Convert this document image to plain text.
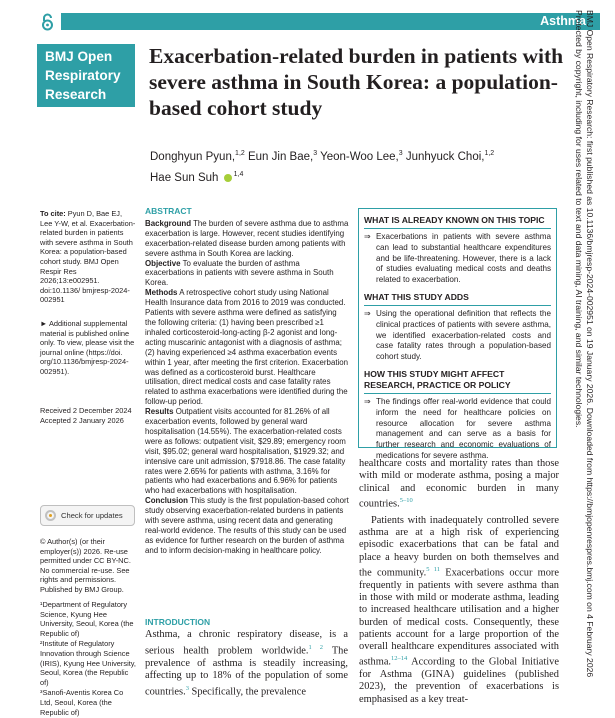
Asthma
BMJ Open
Respiratory
Research
Exacerbation-related burden in patients with severe asthma in South Korea: a population-based cohort study
Donghyun Pyun,$^{1,2}$ Eun Jin Bae,$^3$ Yeon-Woo Lee,$^3$ Junhyuck Choi,$^{1,2}$
Hae Sun Suh $^{1,4}$	BMJ Open Respiratory Research: first published as 10.1136/bmjresp-2024-002951 on 19 January 2026. Downloaded from https://bmjopenrespres.bmj.com on 4 February 2026
Protected by copyright, including for uses related to text and data mining, AI training, and similar technologies.
To cite: Pyun D, Bae EJ, Lee Y-W, et al. Exacerbation-related burden in patients with severe asthma in South Korea: a population-based cohort study. BMJ Open Respir Res 2026;13:e002951. doi:10.1136/ bmjresp-2024-002951
► Additional supplemental material is published online only. To view, please visit the journal online (https://doi. org/10.1136/bmjresp-2024- 002951).
Received 2 December 2024
Accepted 2 January 2026
Check for updates
© Author(s) (or their employer(s)) 2026. Re-use permitted under CC BY-NC. No commercial re-use. See rights and permissions. Published by BMJ Group.
¹Department of Regulatory Science, Kyung Hee University, Seoul, Korea (the Republic of)
²Institute of Regulatory Innovation through Science (IRIS), Kyung Hee University, Seoul, Korea (the Republic of)
³Sanofi-Aventis Korea Co Ltd, Seoul, Korea (the Republic of)
ABSTRACT
Background The burden of severe asthma due to asthma exacerbation is large. However, recent studies identifying exacerbation-related disease burden among patients with severe asthma in South Korea are lacking.
Objective To evaluate the burden of asthma exacerbations in patients with severe asthma in South Korea.
Methods A retrospective cohort study using National Health Insurance data from 2016 to 2019 was conducted. Patients with severe asthma were defined as satisfying the following criteria: (1) having been prescribed ≥1 inhaled corticosteroid-long-acting β-2 agonist and long-acting muscarinic antagonist with a diagnosis of asthma; (2) having experienced ≥4 asthma exacerbation events within 1 year, after meeting the first criterion. Exacerbation was defined as a corticosteroid burst. Healthcare utilisation, direct medical costs and case fatality rates related to asthma exacerbations were identified during the follow-up period.
Results Outpatient visits accounted for 81.26% of all exacerbation events, followed by general ward hospitalisation (14.55%). The exacerbation-related costs were as follows: outpatient visit, $29.89; emergency room visit, $95.02; general ward hospitalisation, $1929.32; and intensive care unit admission, $7918.86. The case fatality rates were 2.65% for patients with asthma, 3.16% for patients who had exacerbations and 6.96% for patients who had exacerbations with hospitalisation.
Conclusion This study is the first population-based cohort study observing exacerbation-related burdens in patients with severe asthma, using recent data and generating real-world evidence. The results of this study can be used as evidence for further research on the burden of asthma and to inform decision-making in healthcare policy.
INTRODUCTION
Asthma, a chronic respiratory disease, is a serious health problem worldwide.$^{1 2}$ The prevalence of asthma is steadily increasing, affecting up to 18% of the population of some countries.$^3$ Specifically, the prevalence
WHAT IS ALREADY KNOWN ON THIS TOPIC
⇒ Exacerbations in patients with severe asthma can lead to substantial healthcare expenditures and be life-threatening. However, there is a lack of studies evaluating medical costs and deaths related to exacerbation.
WHAT THIS STUDY ADDS
⇒ Using the operational definition that reflects the clinical practices of patients with severe asthma, we identified exacerbation-related costs and case fatality rates through a population-based cohort study.
HOW THIS STUDY MIGHT AFFECT RESEARCH, PRACTICE OR POLICY
⇒ The findings offer real-world evidence that could inform the need for healthcare policies on resource allocation for severe asthma management and can serve as a basis for further research and economic evaluations of medications for severe asthma.

healthcare costs and mortality rates than those with mild or moderate asthma, posing a major clinical and economic burden in many countries.$^{5-10}$

Patients with inadequately controlled severe asthma are at a high risk of experiencing episodic exacerbations that can be fatal and place a heavy burden on both themselves and the community.$^{5 11}$ Exacerbations occur more frequently in patients with severe asthma than in those with mild or moderate asthma, leading to increased healthcare utilisation and a higher burden of medical costs. Consequently, these patients account for a large proportion of the overall healthcare expenditures associated with asthma.$^{12-14}$ According to the Global Initiative for Asthma (GINA) guidelines (published 2023), the prevention of exacerbations is emphasised as a key treat-
